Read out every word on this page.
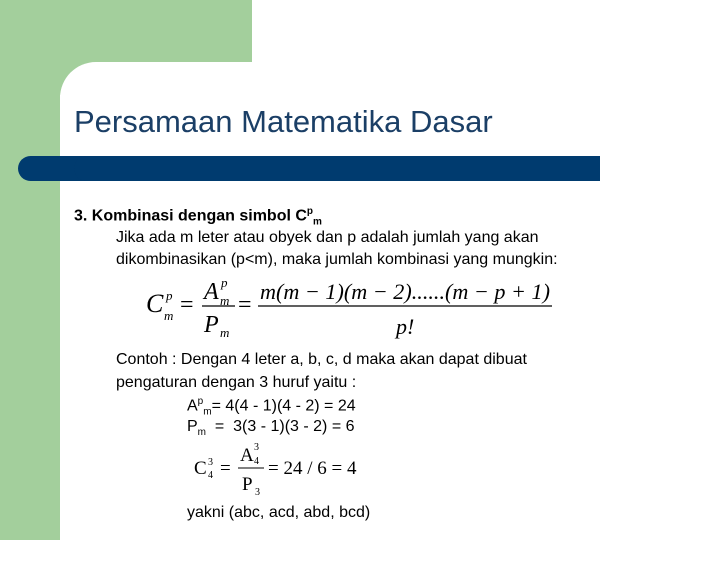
Persamaan Matematika Dasar
3. Kombinasi dengan simbol $C^p_m$
Jika ada m leter atau obyek dan p adalah jumlah yang akan
dikombinasikan (p<m), maka jumlah kombinasi yang mungkin:
C p
m = A p
m
P m
=
m(m − 1)(m − 2)......(m − p + 1)
p!
Contoh : Dengan 4 leter a, b, c, d maka akan dapat dibuat
pengaturan dengan 3 huruf yaitu :
$A^p_m= 4(4 - 1)(4 - 2) = 24$
$P_m = 3(3 - 1)(3 - 2) = 6$
C 3
4 =
A 3
4
P 3
= 24 / 6 = 4
yakni (abc, acd, abd, bcd)
